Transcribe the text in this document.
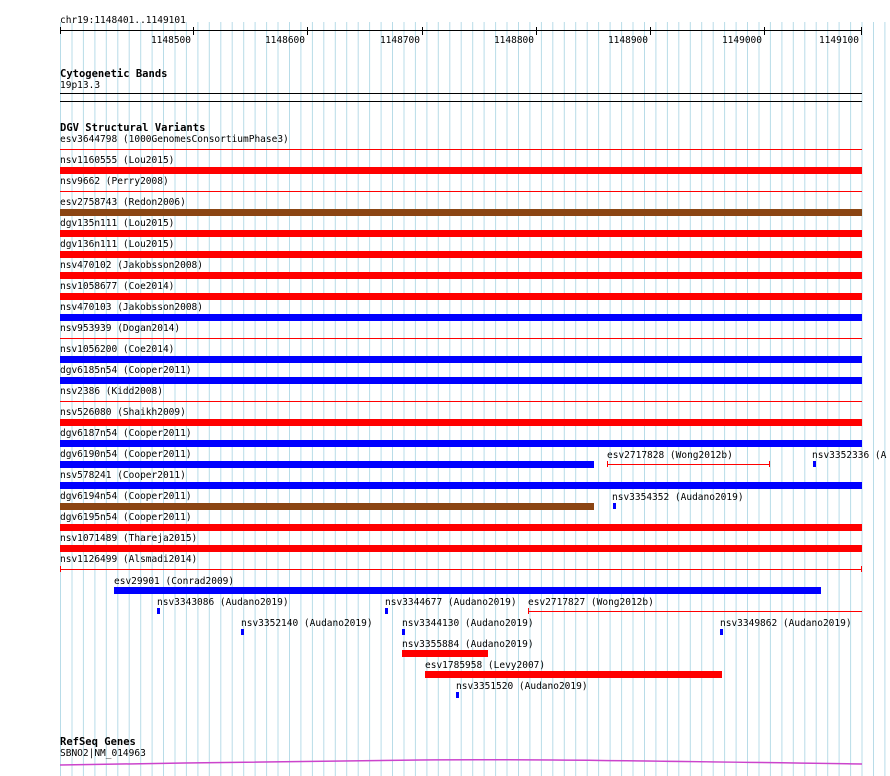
chr19:1148401..1149101
1148500	1148600	1148700	1148800	1148900	1149000	1149100
Cytogenetic Bands
19p13.3
DGV Structural Variants
esv3644798 (1000GenomesConsortiumPhase3)
nsv1160555 (Lou2015)
nsv9662 (Perry2008)
esv2758743 (Redon2006)
dgv135n111 (Lou2015)
dgv136n111 (Lou2015)
nsv470102 (Jakobsson2008)
nsv1058677 (Coe2014)
nsv470103 (Jakobsson2008)
nsv953939 (Dogan2014)
nsv1056200 (Coe2014)
dgv6185n54 (Cooper2011)
nsv2386 (Kidd2008)
nsv526080 (Shaikh2009)
dgv6187n54 (Cooper2011)
dgv6190n54 (Cooper2011)
nsv578241 (Cooper2011)
dgv6194n54 (Cooper2011)
dgv6195n54 (Cooper2011)
nsv1071489 (Thareja2015)
nsv1126499 (Alsmadi2014)
esv2717828 (Wong2012b)	nsv3352336 (A
nsv3354352 (Audano2019)
esv29901 (Conrad2009)
nsv3343086 (Audano2019)	nsv3344677 (Audano2019) esv2717827 (Wong2012b)
nsv3352140 (Audano2019)	nsv3344130 (Audano2019)	nsv3349862 (Audano2019)
nsv3355884 (Audano2019)
esv1785958 (Levy2007)
nsv3351520 (Audano2019)
RefSeq Genes
SBNO2|NM_014963
